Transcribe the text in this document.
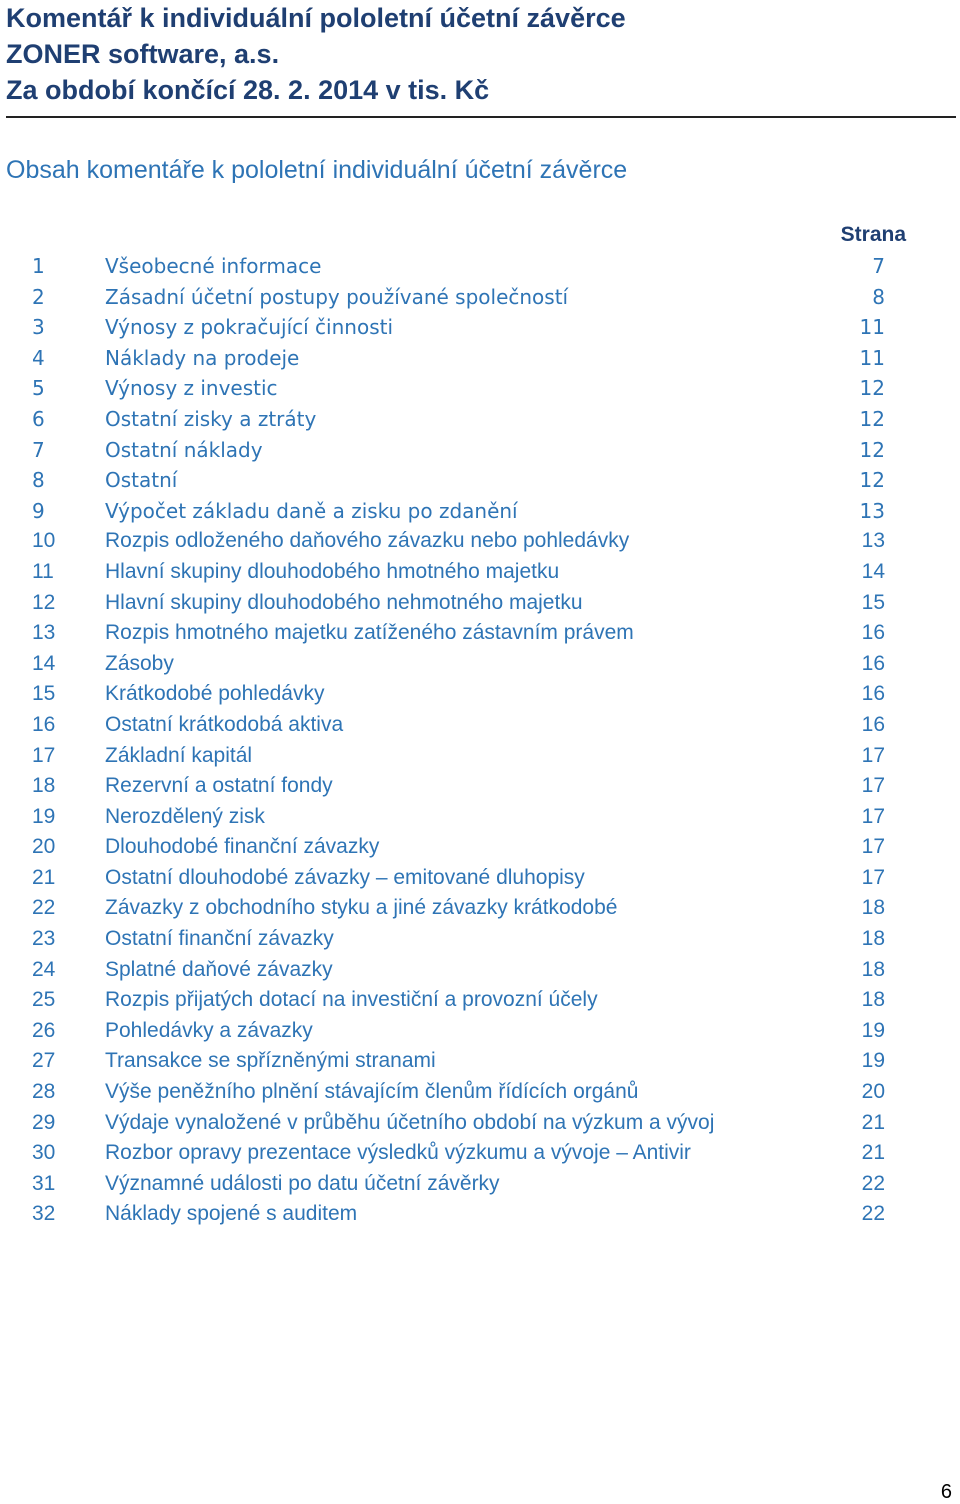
Komentář k individuální pololetní účetní závěrce
ZONER software, a.s.
Za období končící 28. 2. 2014 v tis. Kč
Obsah komentáře k pololetní individuální účetní závěrce
Strana
1	Všeobecné informace	7
2	Zásadní účetní postupy používané společností	8
3	Výnosy z pokračující činnosti	11
4	Náklady na prodeje	11
5	Výnosy z investic	12
6	Ostatní zisky a ztráty	12
7	Ostatní náklady	12
8	Ostatní	12
9	Výpočet základu daně a zisku po zdanění	13
10	Rozpis odloženého daňového závazku nebo pohledávky	13
11	Hlavní skupiny dlouhodobého hmotného majetku	14
12	Hlavní skupiny dlouhodobého nehmotného majetku	15
13	Rozpis hmotného majetku zatíženého zástavním právem	16
14	Zásoby	16
15	Krátkodobé pohledávky	16
16	Ostatní krátkodobá aktiva	16
17	Základní kapitál	17
18	Rezervní a ostatní fondy	17
19	Nerozdělený zisk	17
20	Dlouhodobé finanční závazky	17
21	Ostatní dlouhodobé závazky – emitované dluhopisy	17
22	Závazky z obchodního styku a jiné závazky krátkodobé	18
23	Ostatní finanční závazky	18
24	Splatné daňové závazky	18
25	Rozpis přijatých dotací na investiční a provozní účely	18
26	Pohledávky a závazky	19
27	Transakce se spřízněnými stranami	19
28	Výše peněžního plnění stávajícím členům řídících orgánů	20
29	Výdaje vynaložené v průběhu účetního období na výzkum a vývoj	21
30	Rozbor opravy prezentace výsledků výzkumu a vývoje – Antivir	21
31	Významné události po datu účetní závěrky	22
32	Náklady spojené s auditem	22
6
